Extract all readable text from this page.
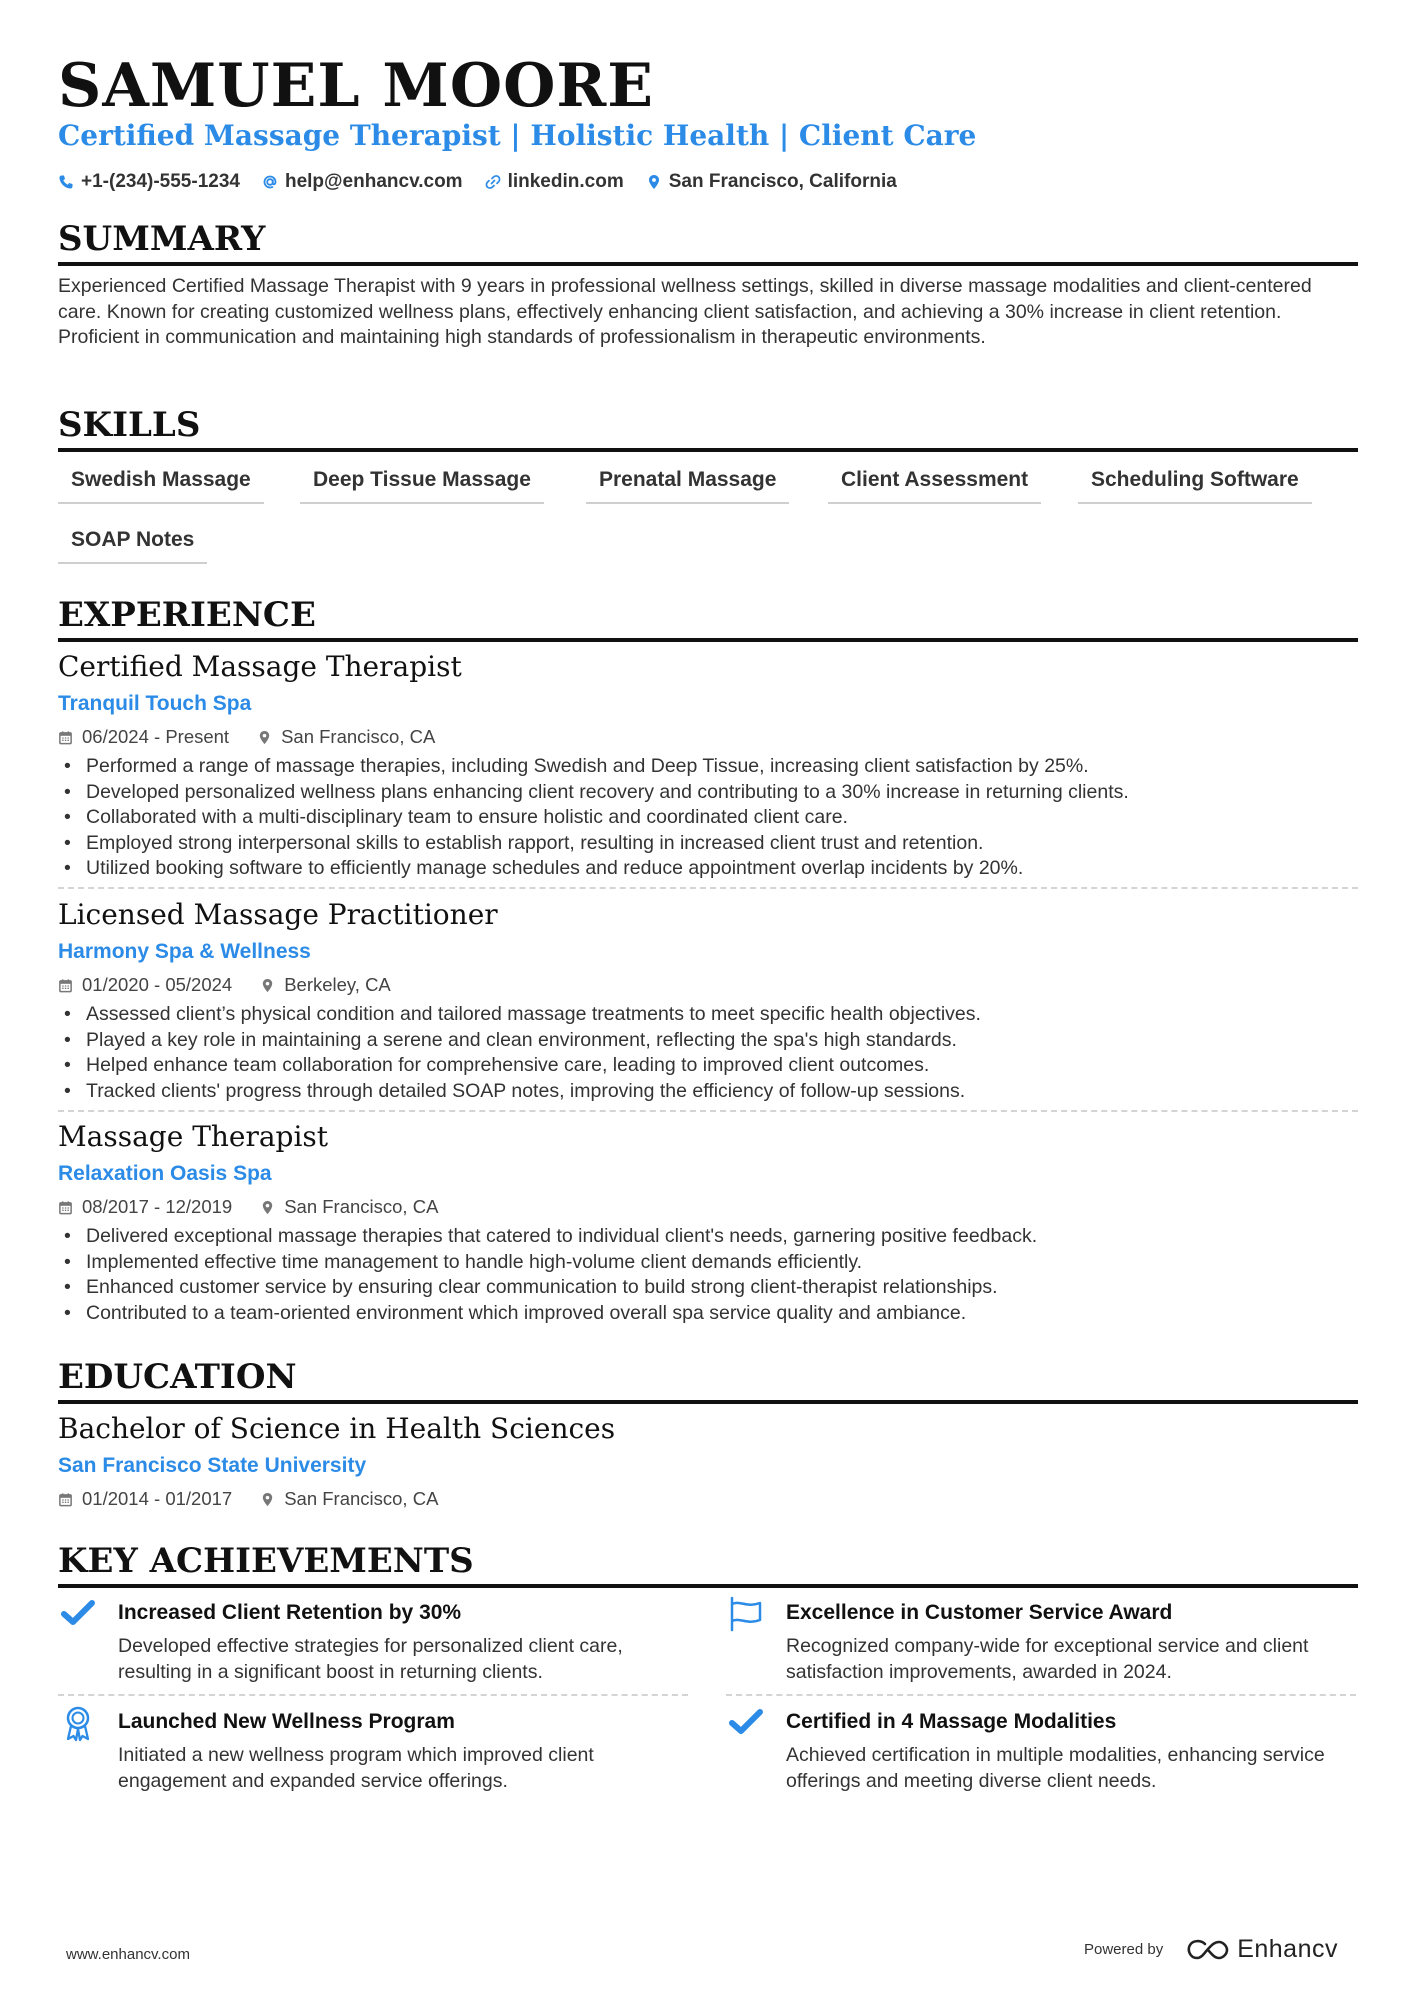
SAMUEL MOORE
Certified Massage Therapist | Holistic Health | Client Care
+1-(234)-555-1234 help@enhancv.com linkedin.com San Francisco, California
SUMMARY
Experienced Certified Massage Therapist with 9 years in professional wellness settings, skilled in diverse massage modalities and client-centered care. Known for creating customized wellness plans, effectively enhancing client satisfaction, and achieving a 30% increase in client retention. Proficient in communication and maintaining high standards of professionalism in therapeutic environments.
SKILLS
Swedish Massage	Deep Tissue Massage	Prenatal Massage	Client Assessment	Scheduling Software
SOAP Notes
EXPERIENCE
Certified Massage Therapist
Tranquil Touch Spa
06/2024 - Present	San Francisco, CA
• Performed a range of massage therapies, including Swedish and Deep Tissue, increasing client satisfaction by 25%.
• Developed personalized wellness plans enhancing client recovery and contributing to a 30% increase in returning clients.
• Collaborated with a multi-disciplinary team to ensure holistic and coordinated client care.
• Employed strong interpersonal skills to establish rapport, resulting in increased client trust and retention.
• Utilized booking software to efficiently manage schedules and reduce appointment overlap incidents by 20%.
Licensed Massage Practitioner
Harmony Spa & Wellness
01/2020 - 05/2024	Berkeley, CA
• Assessed client’s physical condition and tailored massage treatments to meet specific health objectives.
• Played a key role in maintaining a serene and clean environment, reflecting the spa's high standards.
• Helped enhance team collaboration for comprehensive care, leading to improved client outcomes.
• Tracked clients' progress through detailed SOAP notes, improving the efficiency of follow-up sessions.
Massage Therapist
Relaxation Oasis Spa
08/2017 - 12/2019	San Francisco, CA
• Delivered exceptional massage therapies that catered to individual client's needs, garnering positive feedback.
• Implemented effective time management to handle high-volume client demands efficiently.
• Enhanced customer service by ensuring clear communication to build strong client-therapist relationships.
• Contributed to a team-oriented environment which improved overall spa service quality and ambiance.
EDUCATION
Bachelor of Science in Health Sciences
San Francisco State University
01/2014 - 01/2017	San Francisco, CA
KEY ACHIEVEMENTS
Increased Client Retention by 30%
Developed effective strategies for personalized client care, resulting in a significant boost in returning clients.
Excellence in Customer Service Award
Recognized company-wide for exceptional service and client satisfaction improvements, awarded in 2024.
Launched New Wellness Program
Initiated a new wellness program which improved client engagement and expanded service offerings.
Certified in 4 Massage Modalities
Achieved certification in multiple modalities, enhancing service offerings and meeting diverse client needs.
www.enhancv.com	Powered by	Enhancv
